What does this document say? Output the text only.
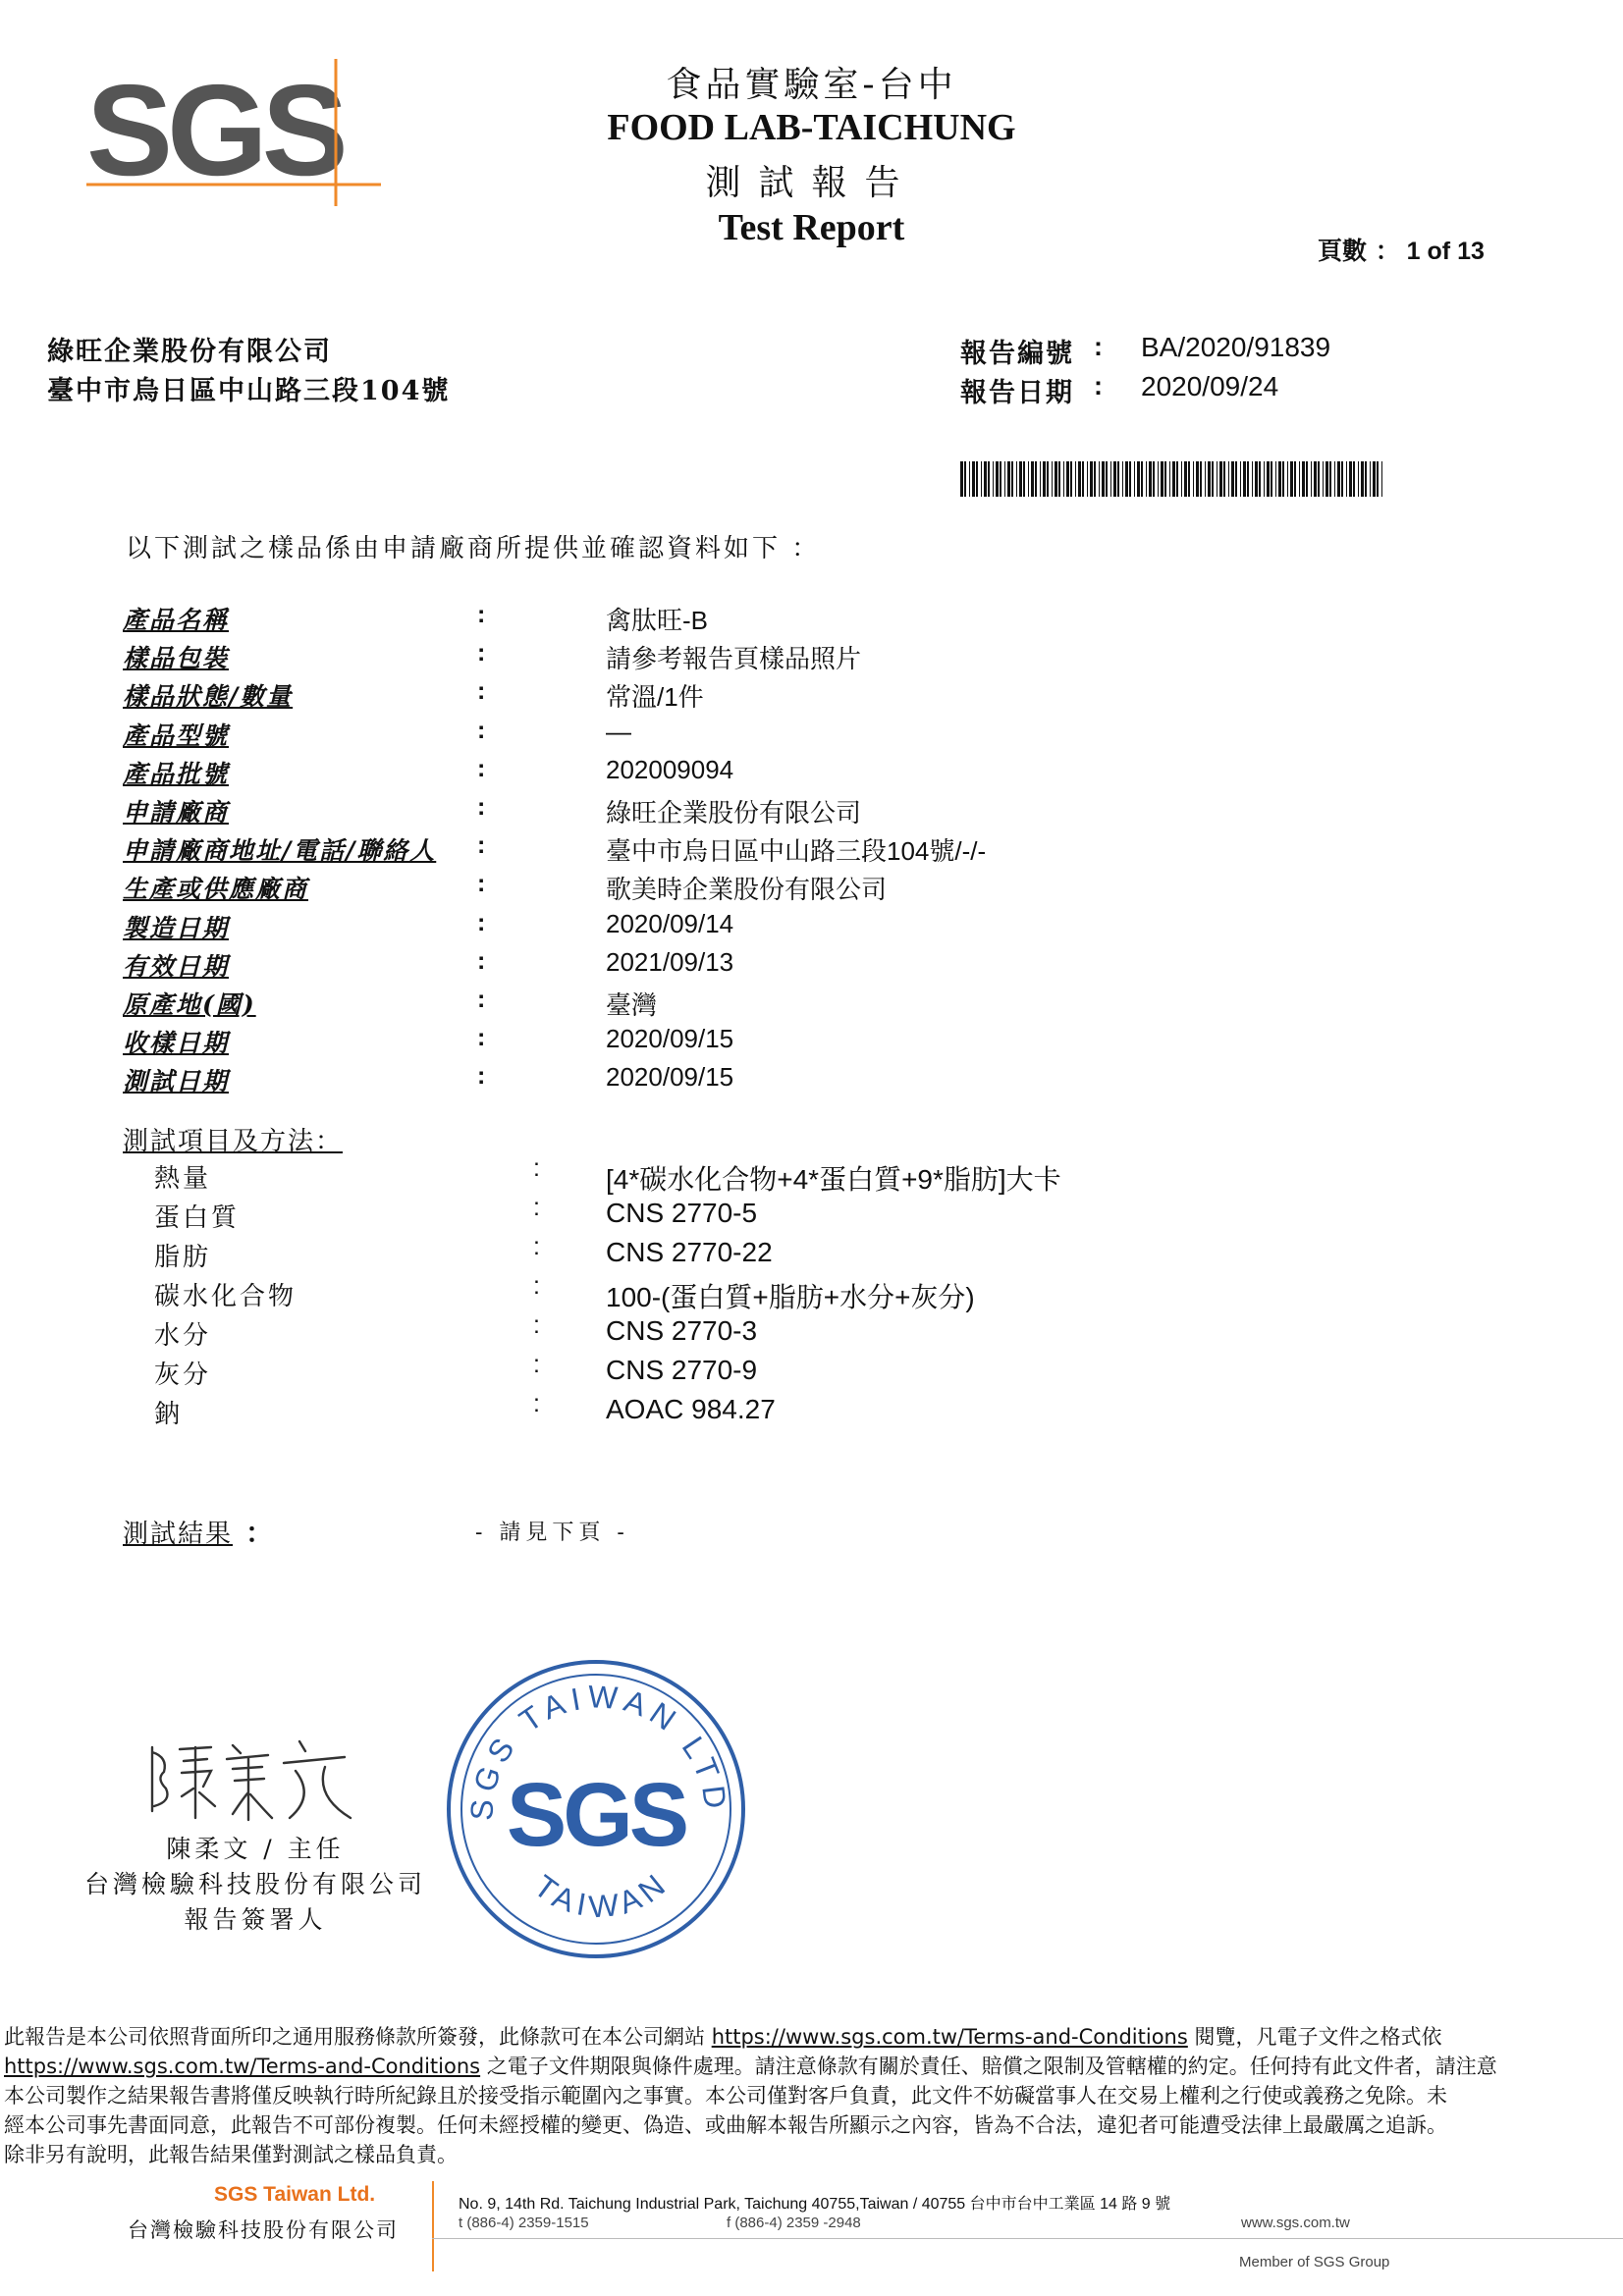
SGS	食品實驗室-台中
FOOD LAB-TAICHUNG
測試報告
Test Report
頁數 ： 1 of 13
綠旺企業股份有限公司
臺中市烏日區中山路三段104號
報告編號 : BA/2020/91839
報告日期 : 2020/09/24
以下測試之樣品係由申請廠商所提供並確認資料如下 ：
產品名稱	:	禽肽旺-B
樣品包裝	:	請參考報告頁樣品照片
樣品狀態/數量	:	常溫/1件
產品型號	:	—
產品批號	:	202009094
申請廠商	:	綠旺企業股份有限公司
申請廠商地址/電話/聯絡人 :	臺中市烏日區中山路三段104號/-/-
生產或供應廠商	:	歌美時企業股份有限公司
製造日期	:	2020/09/14
有效日期	:	2021/09/13
原產地(國)	:	臺灣
收樣日期	:	2020/09/15
測試日期	:	2020/09/15
測試項目及方法：
熱量	: [4*碳水化合物+4*蛋白質+9*脂肪]大卡
蛋白質	: CNS 2770-5
脂肪	: CNS 2770-22
碳水化合物	: 100-(蛋白質+脂肪+水分+灰分)
水分	: CNS 2770-3
灰分	: CNS 2770-9
鈉	: AOAC 984.27
測試結果 ：	- 請見下頁 -
陳柔文 / 主任
台灣檢驗科技股份有限公司
報告簽署人
SGS TAIWAN LTD
SGS
TAIWAN
此報告是本公司依照背面所印之通用服務條款所簽發，此條款可在本公司網站 https://www.sgs.com.tw/Terms-and-Conditions 閱覽，凡電子文件之格式依
https://www.sgs.com.tw/Terms-and-Conditions 之電子文件期限與條件處理。請注意條款有關於責任、賠償之限制及管轄權的約定。任何持有此文件者，請注意
本公司製作之結果報告書將僅反映執行時所紀錄且於接受指示範圍內之事實。本公司僅對客戶負責，此文件不妨礙當事人在交易上權利之行使或義務之免除。未
經本公司事先書面同意，此報告不可部份複製。任何未經授權的變更、偽造、或曲解本報告所顯示之內容，皆為不合法，違犯者可能遭受法律上最嚴厲之追訴。
除非另有說明，此報告結果僅對測試之樣品負責。
SGS Taiwan Ltd.
台灣檢驗科技股份有限公司
No. 9, 14th Rd. Taichung Industrial Park, Taichung 40755,Taiwan / 40755 台中市台中工業區 14 路 9 號
t (886-4) 2359-1515	f (886-4) 2359 -2948	www.sgs.com.tw
Member of SGS Group
